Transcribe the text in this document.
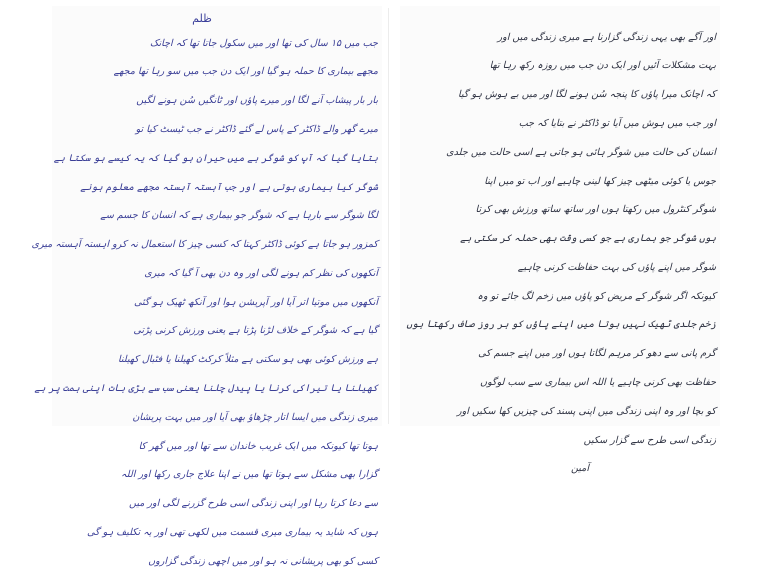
ظلم

جب میں ۱۵ سال کی تھا اور میں سکول جاتا تھا کہ اچانک

مجھے بیماری کا حملہ ہو گیا اور ایک دن جب میں سو رہا تھا مجھے

بار بار پیشاب آنے لگا اور میرے پاؤں اور ٹانگیں سُن ہونے لگیں

میرے گھر والے ڈاکٹر کے پاس لے گئے ڈاکٹر نے جب ٹیسٹ کیا تو

بتایا گیا کہ آپ کو شوگر ہے میں حیران ہو گیا کہ یہ کیسے ہو سکتا ہے

شوگر کیا بیماری ہوتی ہے اور جب آہستہ آہستہ مجھے معلوم ہونے

لگا شوگر سے بارہا ہے کہ شوگر جو بیماری ہے کہ انسان کا جسم سے

کمزور ہو جاتا ہے کوئی ڈاکٹر کہتا کہ کسی چیز کا استعمال نہ کرو اہستہ آہستہ میری

آنکھوں کی نظر کم ہونے لگی اور وہ دن بھی آ گیا کہ میری

آنکھوں میں موتیا اتر آیا اور آپریشن ہوا اور آنکھ ٹھیک ہو گئی

گیا ہے کہ شوگر کے خلاف لڑنا پڑتا ہے یعنی ورزش کرنی پڑتی

ہے ورزش کوئی بھی ہو سکتی ہے مثلاً کرکٹ کھیلنا یا فٹبال کھیلنا

کھیلنا یا تیراکی کرنا یا پیدل چلنا یعنی سب سے بڑی بات اپنی ہمت پر ہے

میری زندگی میں ایسا اتار چڑھاؤ بھی آیا اور میں بہت پریشان

ہوتا تھا کیونکہ میں ایک غریب خاندان سے تھا اور میں گھر کا

گزارا بھی مشکل سے ہوتا تھا میں نے اپنا علاج جاری رکھا اور اللہ

سے دعا کرتا رہا اور اپنی زندگی اسی طرح گزرنے لگی اور میں

ہوں کہ شاید یہ بیماری میری قسمت میں لکھی تھی اور یہ تکلیف ہو گی

کسی کو بھی پریشانی نہ ہو اور میں اچھی زندگی گزاروں

اور آگے بھی یہی زندگی گزارنا ہے میری زندگی میں اور

بہت مشکلات آئیں اور ایک دن جب میں روزہ رکھ رہا تھا

کہ اچانک میرا پاؤں کا پنجہ سُن ہونے لگا اور میں بے ہوش ہو گیا

اور جب میں ہوش میں آیا تو ڈاکٹر نے بتایا کہ جب

انسان کی حالت میں شوگر ہائی ہو جاتی ہے اسی حالت میں جلدی

جوس یا کوئی میٹھی چیز کھا لینی چاہیے اور اب تو میں اپنا

شوگر کنٹرول میں رکھتا ہوں اور ساتھ ساتھ ورزش بھی کرتا

ہوں شوگر جو ہماری ہے جو کسی وقت بھی حملہ کر سکتی ہے

شوگر میں اپنے پاؤں کی بہت حفاظت کرنی چاہیے

کیونکہ اگر شوگر کے مریض کو پاؤں میں زخم لگ جائے تو وہ

زخم جلدی ٹھیک نہیں ہوتا میں اپنے پاؤں کو ہر روز صاف رکھتا ہوں

گرم پانی سے دھو کر مرہم لگاتا ہوں اور میں اپنے جسم کی

حفاظت بھی کرنی چاہیے یا اللہ اس بیماری سے سب لوگوں

کو بچا اور وہ اپنی زندگی میں اپنی پسند کی چیزیں کھا سکیں اور

زندگی اسی طرح سے گزار سکیں

آمین
